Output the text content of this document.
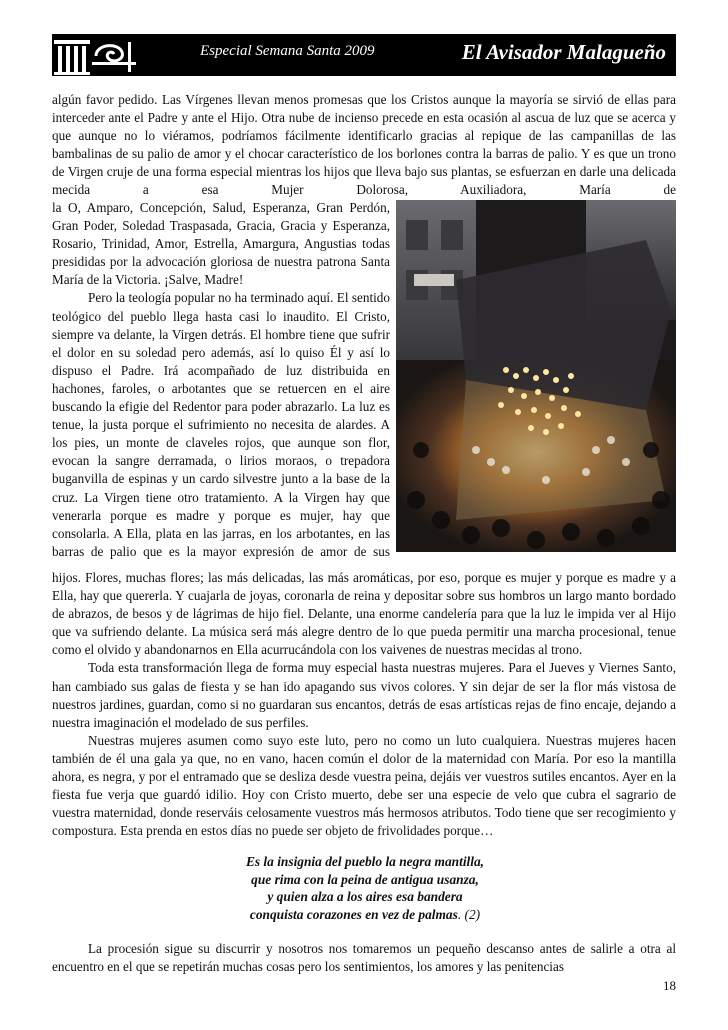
Especial Semana Santa 2009	El Avisador Malagueño

algún favor pedido. Las Vírgenes llevan menos promesas que los Cristos aunque la mayoría se sirvió de ellas para interceder ante el Padre y ante el Hijo. Otra nube de incienso precede en esta ocasión al ascua de luz que se acerca y que aunque no lo viéramos, podríamos fácilmente identificarlo gracias al repique de las campanillas de las bambalinas de su palio de amor y el chocar característico de los borlones contra la barras de palio. Y es que un trono de Virgen cruje de una forma especial mientras los hijos que lleva bajo sus plantas, se esfuerzan en darle una delicada mecida a esa Mujer Dolorosa, Auxiliadora, María de

la O, Amparo, Concepción, Salud, Esperanza, Gran Perdón, Gran Poder, Soledad Traspasada, Gracia, Gracia y Esperanza, Rosario, Trinidad, Amor, Estrella, Amargura, Angustias todas presididas por la advocación gloriosa de nuestra patrona Santa María de la Victoria. ¡Salve, Madre!

Pero la teología popular no ha terminado aquí. El sentido teológico del pueblo llega hasta casi lo inaudito. El Cristo, siempre va delante, la Virgen detrás. El hombre tiene que sufrir el dolor en su soledad pero además, así lo quiso Él y así lo dispuso el Padre. Irá acompañado de luz distribuida en hachones, faroles, o arbotantes que se retuercen en el aire buscando la efigie del Redentor para poder abrazarlo. La luz es tenue, la justa porque el sufrimiento no necesita de alardes. A los pies, un monte de claveles rojos, que aunque son flor, evocan la sangre derramada, o lirios moraos, o trepadora buganvilla de espinas y un cardo silvestre junto a la base de la cruz. La Virgen tiene otro tratamiento. A la Virgen hay que venerarla porque es madre y porque es mujer, hay que consolarla. A Ella, plata en las jarras, en los arbotantes, en las barras de palio que es la mayor expresión de amor de sus

hijos. Flores, muchas flores; las más delicadas, las más aromáticas, por eso, porque es mujer y porque es madre y a Ella, hay que quererla. Y cuajarla de joyas, coronarla de reina y depositar sobre sus hombros un largo manto bordado de abrazos, de besos y de lágrimas de hijo fiel. Delante, una enorme candelería para que la luz le impida ver al Hijo que va sufriendo delante. La música será más alegre dentro de lo que pueda permitir una marcha procesional, tenue como el olvido y abandonarnos en Ella acurrucándola con los vaivenes de nuestras mecidas al trono.

Toda esta transformación llega de forma muy especial hasta nuestras mujeres. Para el Jueves y Viernes Santo, han cambiado sus galas de fiesta y se han ido apagando sus vivos colores. Y sin dejar de ser la flor más vistosa de nuestros jardines, guardan, como si no guardaran sus encantos, detrás de esas artísticas rejas de fino encaje, dejando a nuestra imaginación el modelado de sus perfiles.

Nuestras mujeres asumen como suyo este luto, pero no como un luto cualquiera. Nuestras mujeres hacen también de él una gala ya que, no en vano, hacen común el dolor de la maternidad con María. Por eso la mantilla ahora, es negra, y por el entramado que se desliza desde vuestra peina, dejáis ver vuestros sutiles encantos. Ayer en la fiesta fue verja que guardó idilio. Hoy con Cristo muerto, debe ser una especie de velo que cubra el sagrario de vuestra maternidad, donde reserváis celosamente vuestros más hermosos atributos. Todo tiene que ser recogimiento y compostura. Esta prenda en estos días no puede ser objeto de frivolidades porque…

Es la insignia del pueblo la negra mantilla,
que rima con la peina de antigua usanza,
y quien alza a los aires esa bandera
conquista corazones en vez de palmas. (2)

La procesión sigue su discurrir y nosotros nos tomaremos un pequeño descanso antes de salirle a otra al encuentro en el que se repetirán muchas cosas pero los sentimientos, los amores y las penitencias

18
